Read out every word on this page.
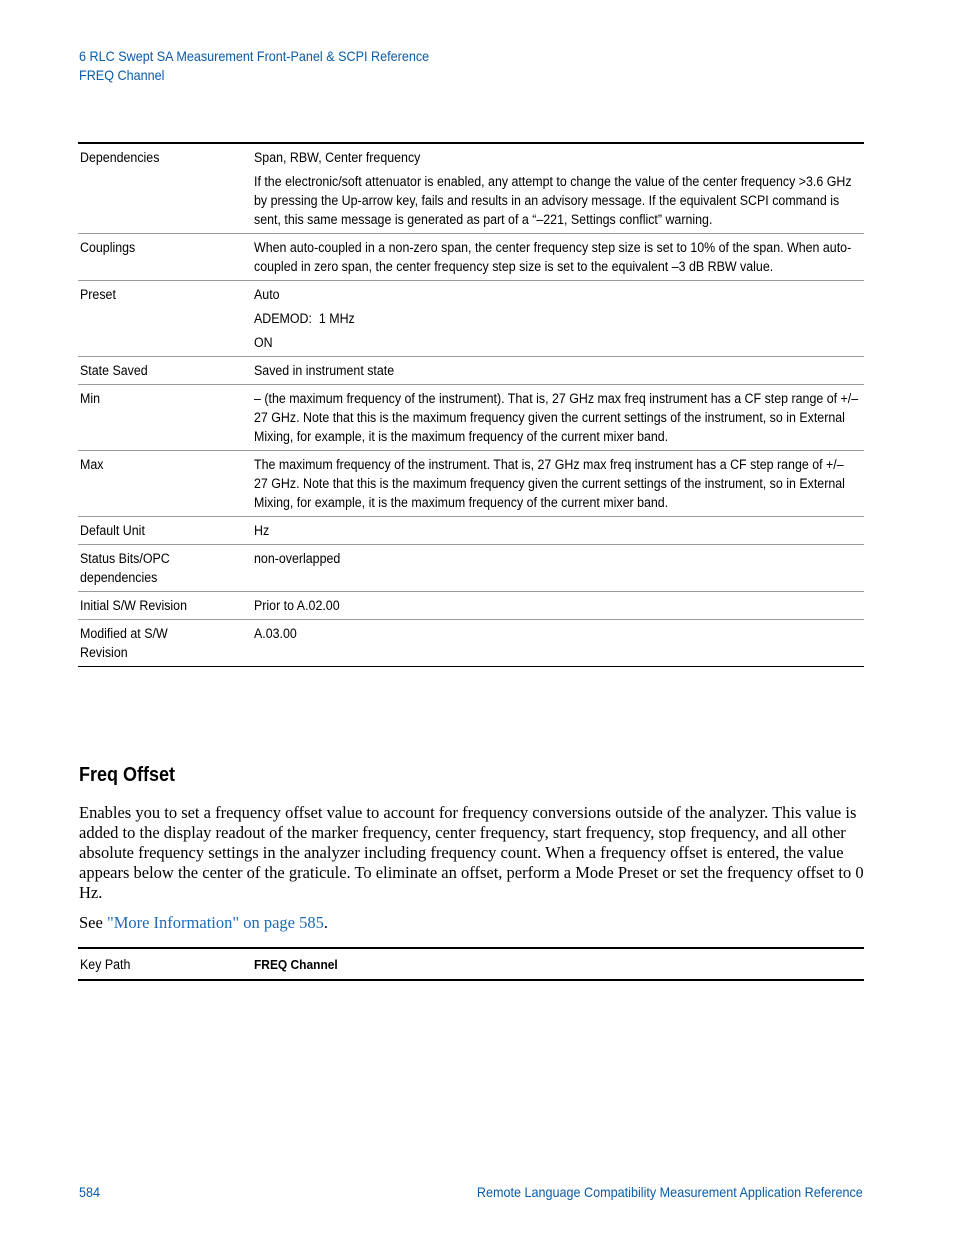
6 RLC Swept SA Measurement Front-Panel & SCPI Reference
FREQ Channel
Dependencies	Span, RBW, Center frequency

If the electronic/soft attenuator is enabled, any attempt to change the value of the center frequency >3.6 GHz by pressing the Up-arrow key, fails and results in an advisory message. If the equivalent SCPI command is sent, this same message is generated as part of a “–221, Settings conflict” warning.

Couplings	When auto-coupled in a non-zero span, the center frequency step size is set to 10% of the span. When auto-coupled in zero span, the center frequency step size is set to the equivalent –3 dB RBW value.

Preset	Auto

ADEMOD:  1 MHz

ON

State Saved	Saved in instrument state

Min	– (the maximum frequency of the instrument). That is, 27 GHz max freq instrument has a CF step range of +/– 27 GHz. Note that this is the maximum frequency given the current settings of the instrument, so in External Mixing, for example, it is the maximum frequency of the current mixer band.

Max	The maximum frequency of the instrument. That is, 27 GHz max freq instrument has a CF step range of +/– 27 GHz. Note that this is the maximum frequency given the current settings of the instrument, so in External Mixing, for example, it is the maximum frequency of the current mixer band.

Default Unit	Hz

Status Bits/OPC dependencies	non-overlapped

Initial S/W Revision	Prior to A.02.00

Modified at S/W Revision	A.03.00

Freq Offset

Enables you to set a frequency offset value to account for frequency conversions outside of the analyzer. This value is added to the display readout of the marker frequency, center frequency, start frequency, stop frequency, and all other absolute frequency settings in the analyzer including frequency count. When a frequency offset is entered, the value appears below the center of the graticule. To eliminate an offset, perform a Mode Preset or set the frequency offset to 0 Hz.

See "More Information" on page 585.

Key Path	FREQ Channel
584	Remote Language Compatibility Measurement Application Reference
